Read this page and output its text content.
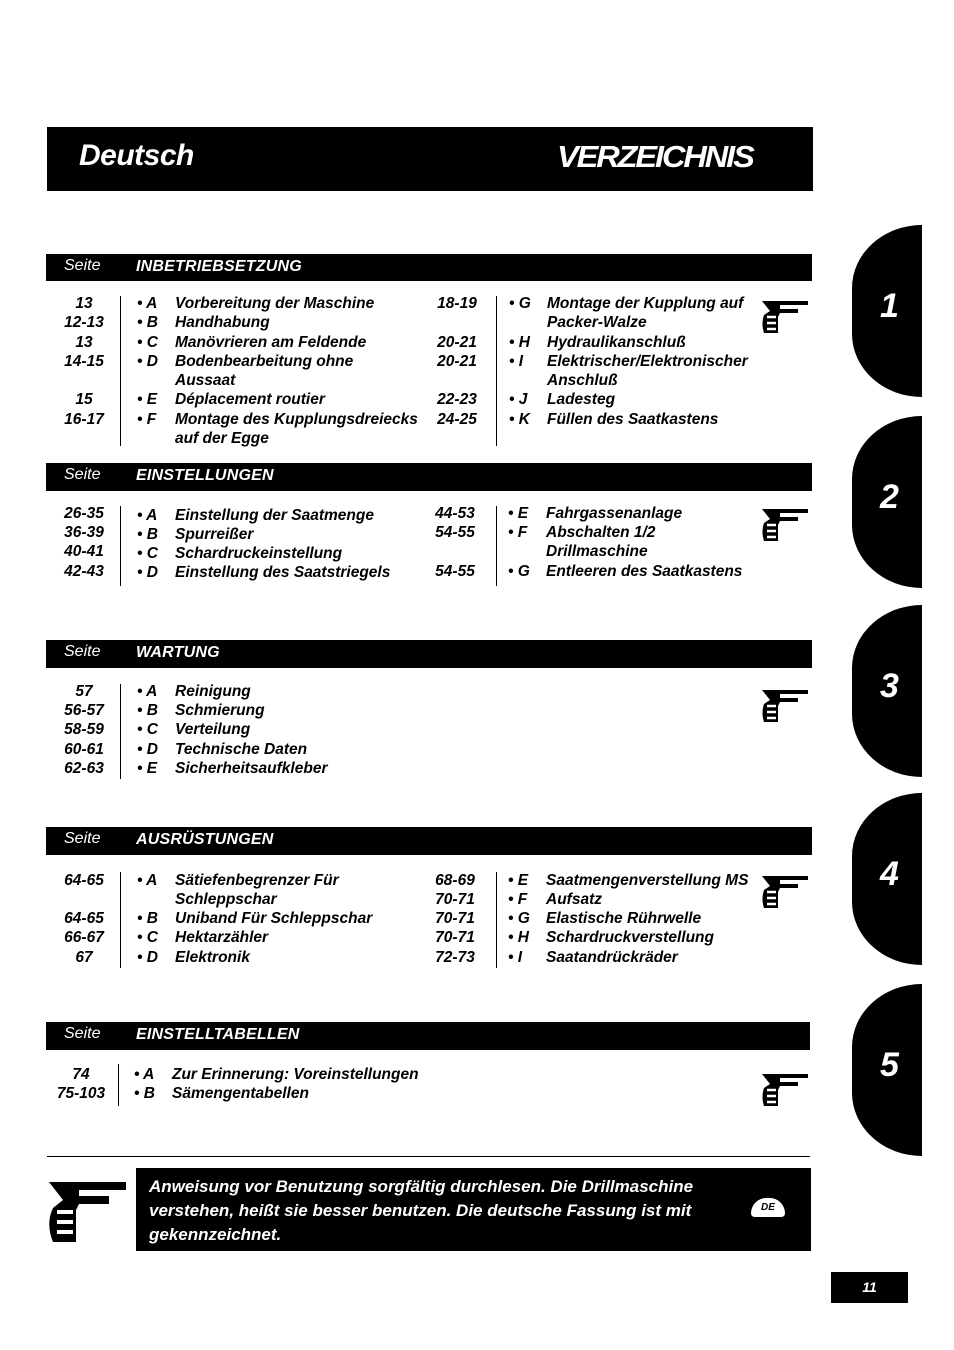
Deutsch	VERZEICHNIS
1
2
3
4
5
Seite INBETRIEBSETZUNG
13	• A Vorbereitung der Maschine
12-13	• B Handhabung
13	• C Manövrieren am Feldende
14-15	• D Bodenbearbeitung ohne
Aussaat
15	• E Déplacement routier
16-17	• F Montage des Kupplungsdreiecks
auf der Egge
18-19	• G Montage der Kupplung auf
Packer-Walze
20-21	• H Hydraulikanschluß
20-21	• I Elektrischer/Elektronischer
Anschluß
22-23	• J Ladesteg
24-25	• K Füllen des Saatkastens
Seite EINSTELLUNGEN
26-35	• A Einstellung der Saatmenge
36-39	• B Spurreißer
40-41	• C Schardruckeinstellung
42-43	• D Einstellung des Saatstriegels
44-53	• E Fahrgassenanlage
54-55	• F Abschalten 1/2
Drillmaschine
54-55	• G Entleeren des Saatkastens
Seite WARTUNG
57	• A Reinigung
56-57	• B Schmierung
58-59	• C Verteilung
60-61	• D Technische Daten
62-63	• E Sicherheitsaufkleber
Seite AUSRÜSTUNGEN
64-65	• A Sätiefenbegrenzer Für
Schleppschar
64-65	• B Uniband Für Schleppschar
66-67	• C Hektarzähler
67	• D Elektronik
68-69	• E Saatmengenverstellung MS
70-71	• F Aufsatz
70-71	• G Elastische Rührwelle
70-71	• H Schardruckverstellung
72-73	• I Saatandrückräder
Seite EINSTELLTABELLEN
74	• A Zur Erinnerung: Voreinstellungen
75-103	• B Sämengentabellen
Anweisung vor Benutzung sorgfältig durchlesen. Die Drillmaschine verstehen, heißt sie besser benutzen. Die deutsche Fassung ist mit gekennzeichnet.
DE
11
